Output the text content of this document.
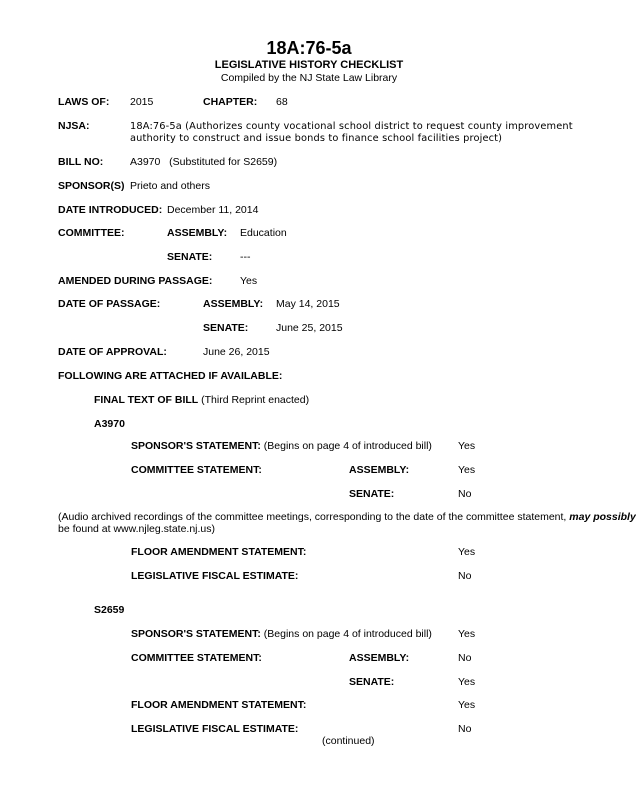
18A:76-5a
LEGISLATIVE HISTORY CHECKLIST
Compiled by the NJ State Law Library
LAWS OF: 2015	CHAPTER: 68
NJSA:	18A:76-5a (Authorizes county vocational school district to request county improvement
authority to construct and issue bonds to finance school facilities project)
BILL NO:	A3970   (Substituted for S2659)
SPONSOR(S) Prieto and others
DATE INTRODUCED: December 11, 2014
COMMITTEE:	ASSEMBLY: Education
SENATE:	---
AMENDED DURING PASSAGE:	Yes
DATE OF PASSAGE:	ASSEMBLY: May 14, 2015
SENATE:	June 25, 2015
DATE OF APPROVAL:	June 26, 2015
FOLLOWING ARE ATTACHED IF AVAILABLE:
FINAL TEXT OF BILL (Third Reprint enacted)
A3970
SPONSOR'S STATEMENT: (Begins on page 4 of introduced bill) Yes
COMMITTEE STATEMENT:	ASSEMBLY:	Yes
SENATE:	No
(Audio archived recordings of the committee meetings, corresponding to the date of the committee statement, may possibly
be found at www.njleg.state.nj.us)
FLOOR AMENDMENT STATEMENT:	Yes
LEGISLATIVE FISCAL ESTIMATE:	No
S2659
SPONSOR'S STATEMENT: (Begins on page 4 of introduced bill) Yes
COMMITTEE STATEMENT:	ASSEMBLY:	No
SENATE:	Yes
FLOOR AMENDMENT STATEMENT:	Yes
LEGISLATIVE FISCAL ESTIMATE:	No
(continued)
